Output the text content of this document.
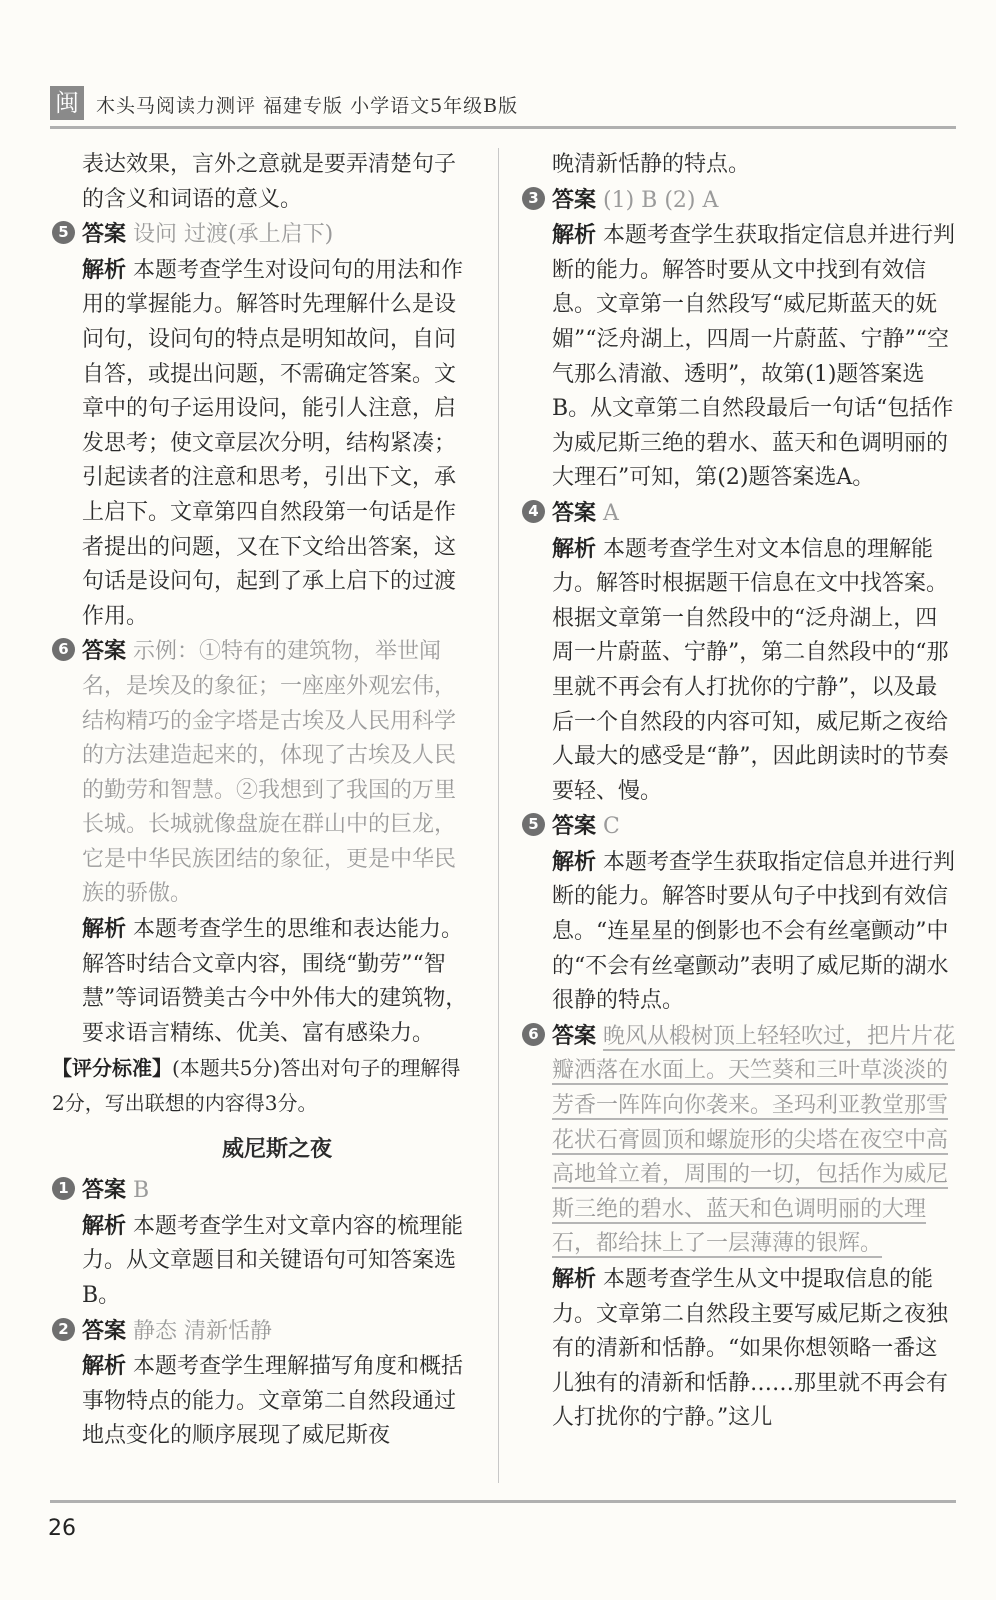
闽 木头马阅读力测评 福建专版 小学语文5年级B版
表达效果，言外之意就是要弄清楚句子的含义和词语的意义。
5 答案 设问 过渡(承上启下)
解析 本题考查学生对设问句的用法和作用的掌握能力。解答时先理解什么是设问句，设问句的特点是明知故问，自问自答，或提出问题，不需确定答案。文章中的句子运用设问，能引人注意，启发思考；使文章层次分明，结构紧凑；引起读者的注意和思考，引出下文，承上启下。文章第四自然段第一句话是作者提出的问题，又在下文给出答案，这句话是设问句，起到了承上启下的过渡作用。
6 答案 示例：①特有的建筑物，举世闻名，是埃及的象征；一座座外观宏伟，结构精巧的金字塔是古埃及人民用科学的方法建造起来的，体现了古埃及人民的勤劳和智慧。②我想到了我国的万里长城。长城就像盘旋在群山中的巨龙，它是中华民族团结的象征，更是中华民族的骄傲。
解析 本题考查学生的思维和表达能力。解答时结合文章内容，围绕“勤劳”“智慧”等词语赞美古今中外伟大的建筑物，要求语言精练、优美、富有感染力。
【评分标准】(本题共5分)答出对句子的理解得2分，写出联想的内容得3分。
威尼斯之夜
1 答案 B
解析 本题考查学生对文章内容的梳理能力。从文章题目和关键语句可知答案选B。
2 答案 静态 清新恬静
解析 本题考查学生理解描写角度和概括事物特点的能力。文章第二自然段通过地点变化的顺序展现了威尼斯夜
晚清新恬静的特点。
3 答案 (1) B (2) A
解析 本题考查学生获取指定信息并进行判断的能力。解答时要从文中找到有效信息。文章第一自然段写“威尼斯蓝天的妩媚”“泛舟湖上，四周一片蔚蓝、宁静”“空气那么清澈、透明”，故第(1)题答案选B。从文章第二自然段最后一句话“包括作为威尼斯三绝的碧水、蓝天和色调明丽的大理石”可知，第(2)题答案选A。
4 答案 A
解析 本题考查学生对文本信息的理解能力。解答时根据题干信息在文中找答案。根据文章第一自然段中的“泛舟湖上，四周一片蔚蓝、宁静”，第二自然段中的“那里就不再会有人打扰你的宁静”，以及最后一个自然段的内容可知，威尼斯之夜给人最大的感受是“静”，因此朗读时的节奏要轻、慢。
5 答案 C
解析 本题考查学生获取指定信息并进行判断的能力。解答时要从句子中找到有效信息。“连星星的倒影也不会有丝毫颤动”中的“不会有丝毫颤动”表明了威尼斯的湖水很静的特点。
6 答案 晚风从椴树顶上轻轻吹过，把片片花瓣洒落在水面上。天竺葵和三叶草淡淡的芳香一阵阵向你袭来。圣玛利亚教堂那雪花状石膏圆顶和螺旋形的尖塔在夜空中高高地耸立着，周围的一切，包括作为威尼斯三绝的碧水、蓝天和色调明丽的大理石，都给抹上了一层薄薄的银辉。
解析 本题考查学生从文中提取信息的能力。文章第二自然段主要写威尼斯之夜独有的清新和恬静。“如果你想领略一番这儿独有的清新和恬静……那里就不再会有人打扰你的宁静。”这儿
26
